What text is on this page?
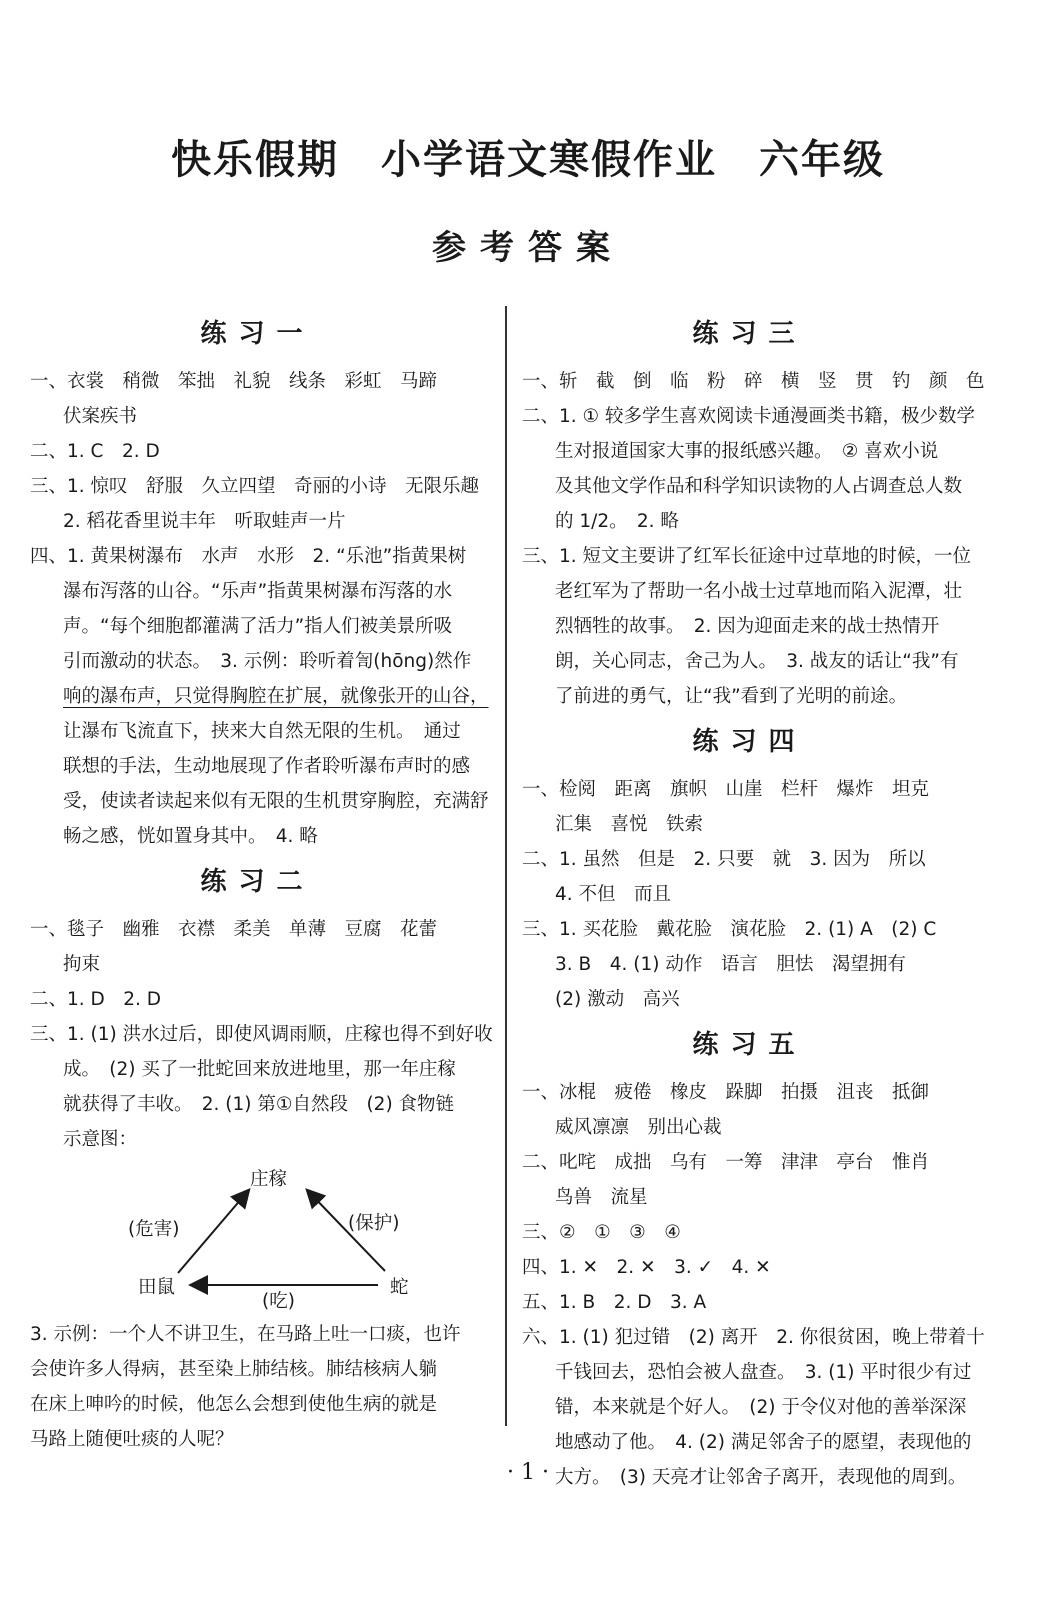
快乐假期　小学语文寒假作业　六年级
参考答案
练习一
一、衣裳　稍微　笨拙　礼貌　线条　彩虹　马蹄
伏案疾书
二、1. C　2. D
三、1. 惊叹　舒服　久立四望　奇丽的小诗　无限乐趣
2. 稻花香里说丰年　听取蛙声一片
四、1. 黄果树瀑布　水声　水形　2. “乐池”指黄果树
瀑布泻落的山谷。“乐声”指黄果树瀑布泻落的水
声。“每个细胞都灌满了活力”指人们被美景所吸
引而激动的状态。　3. 示例：聆听着訇(hōng)然作
响的瀑布声，只觉得胸腔在扩展，就像张开的山谷，
让瀑布飞流直下，挟来大自然无限的生机。　通过
联想的手法，生动地展现了作者聆听瀑布声时的感
受，使读者读起来似有无限的生机贯穿胸腔，充满舒
畅之感，恍如置身其中。　4. 略
练习二
一、毯子　幽雅　衣襟　柔美　单薄　豆腐　花蕾
拘束
二、1. D　2. D
三、1. (1) 洪水过后，即使风调雨顺，庄稼也得不到好收
成。　(2) 买了一批蛇回来放进地里，那一年庄稼
就获得了丰收。　2. (1) 第①自然段　(2) 食物链
示意图：
庄稼
田鼠	蛇
(危害)	(保护)
(吃)
3. 示例：一个人不讲卫生，在马路上吐一口痰，也许
会使许多人得病，甚至染上肺结核。肺结核病人躺
在床上呻吟的时候，他怎么会想到使他生病的就是
马路上随便吐痰的人呢？
练习三
一、斩　截　倒　临　粉　碎　横　竖　贯　钓　颜　色
二、1. ① 较多学生喜欢阅读卡通漫画类书籍，极少数学
生对报道国家大事的报纸感兴趣。　② 喜欢小说
及其他文学作品和科学知识读物的人占调查总人数
的 1/2。　2. 略
三、1. 短文主要讲了红军长征途中过草地的时候，一位
老红军为了帮助一名小战士过草地而陷入泥潭，壮
烈牺牲的故事。　2. 因为迎面走来的战士热情开
朗，关心同志，舍己为人。　3. 战友的话让“我”有
了前进的勇气，让“我”看到了光明的前途。
练习四
一、检阅　距离　旗帜　山崖　栏杆　爆炸　坦克
汇集　喜悦　铁索
二、1. 虽然　但是　2. 只要　就　3. 因为　所以
4. 不但　而且
三、1. 买花脸　戴花脸　演花脸　2. (1) A　(2) C
3. B　4. (1) 动作　语言　胆怯　渴望拥有
(2) 激动　高兴
练习五
一、冰棍　疲倦　橡皮　跺脚　拍摄　沮丧　抵御
威风凛凛　别出心裁
二、叱咤　成拙　乌有　一筹　津津　亭台　惟肖
鸟兽　流星
三、②　①　③　④
四、1. ✕　2. ✕　3. ✓　4. ✕
五、1. B　2. D　3. A
六、1. (1) 犯过错　(2) 离开　2. 你很贫困，晚上带着十
千钱回去，恐怕会被人盘查。　3. (1) 平时很少有过
错，本来就是个好人。　(2) 于令仪对他的善举深深
地感动了他。　4. (2) 满足邻舍子的愿望，表现他的
大方。　(3) 天亮才让邻舍子离开，表现他的周到。
· 1 ·
